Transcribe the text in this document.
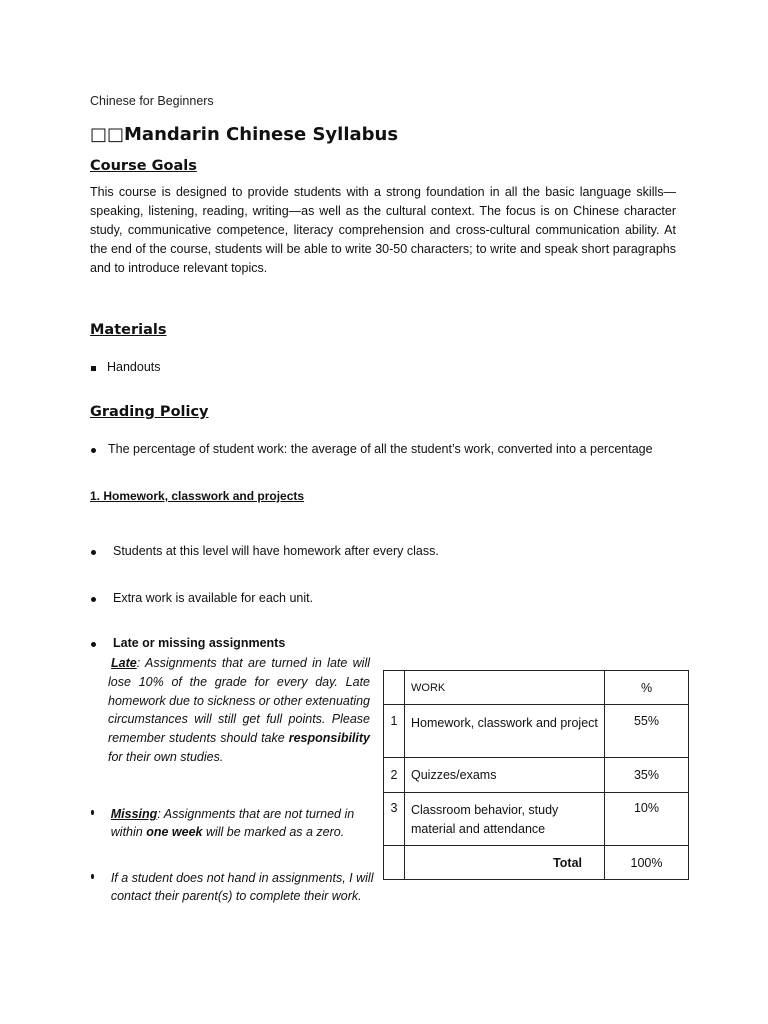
Chinese for Beginners
□□Mandarin Chinese Syllabus
Course Goals

This course is designed to provide students with a strong foundation in all the basic language skills—speaking, listening, reading, writing—as well as the cultural context. The focus is on Chinese character study, communicative competence, literacy comprehension and cross-cultural communication ability. At the end of the course, students will be able to write 30-50 characters; to write and speak short paragraphs and to introduce relevant topics.

Materials
Handouts
Grading Policy
The percentage of student work: the average of all the student’s work, converted into a percentage
1. Homework, classwork and projects
Students at this level will have homework after every class.
Extra work is available for each unit.
Late or missing assignments
Late: Assignments that are turned in late will lose 10% of the grade for every day. Late homework due to sickness or other extenuating circumstances will still get full points. Please remember students should take responsibility for their own studies.
Missing: Assignments that are not turned in within one week will be marked as a zero.
If a student does not hand in assignments, I will contact their parent(s) to complete their work.
	WORK	%
1	Homework, classwork and project	55%
2	Quizzes/exams	35%
3	Classroom behavior, study material and attendance	10%
	Total	100%
